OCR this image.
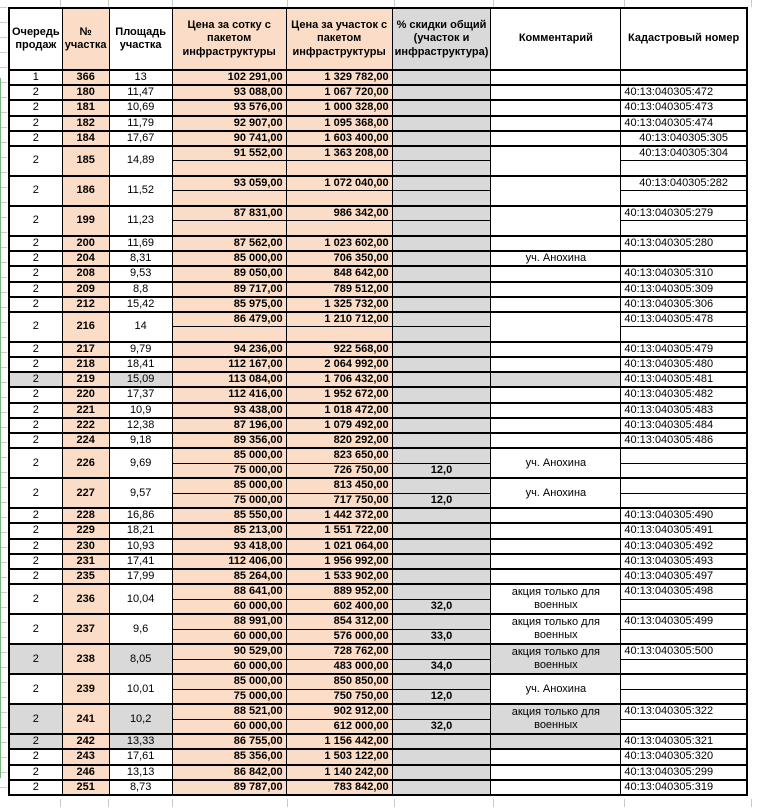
Очередь продаж	№ участка	Площадь участка	Цена за сотку с пакетом инфраструктуры	Цена за участок с пакетом инфраструктуры	% скидки общий (участок и инфраструктура)	Комментарий	Кадастровый номер
1	366	13	102 291,00	1 329 782,00			
2	180	11,47	93 088,00	1 067 720,00			40:13:040305:472
2	181	10,69	93 576,00	1 000 328,00			40:13:040305:473
2	182	11,79	92 907,00	1 095 368,00			40:13:040305:474
2	184	17,67	90 741,00	1 603 400,00			40:13:040305:305
2	185	14,89	91 552,00	1 363 208,00			40:13:040305:304

2	186	11,52	93 059,00	1 072 040,00			40:13:040305:282

2	199	11,23	87 831,00	986 342,00			40:13:040305:279

2	200	11,69	87 562,00	1 023 602,00			40:13:040305:280
2	204	8,31	85 000,00	706 350,00		уч. Анохина	
2	208	9,53	89 050,00	848 642,00			40:13:040305:310
2	209	8,8	89 717,00	789 512,00			40:13:040305:309
2	212	15,42	85 975,00	1 325 732,00			40:13:040305:306
2	216	14	86 479,00	1 210 712,00			40:13:040305:478

2	217	9,79	94 236,00	922 568,00			40:13:040305:479
2	218	18,41	112 167,00	2 064 992,00			40:13:040305:480
2	219	15,09	113 084,00	1 706 432,00			40:13:040305:481
2	220	17,37	112 416,00	1 952 672,00			40:13:040305:482
2	221	10,9	93 438,00	1 018 472,00			40:13:040305:483
2	222	12,38	87 196,00	1 079 492,00			40:13:040305:484
2	224	9,18	89 356,00	820 292,00			40:13:040305:486
2	226	9,69	85 000,00	823 650,00		уч. Анохина	
			75 000,00	726 750,00	12,0		
2	227	9,57	85 000,00	813 450,00		уч. Анохина	
			75 000,00	717 750,00	12,0		
2	228	16,86	85 550,00	1 442 372,00			40:13:040305:490
2	229	18,21	85 213,00	1 551 722,00			40:13:040305:491
2	230	10,93	93 418,00	1 021 064,00			40:13:040305:492
2	231	17,41	112 406,00	1 956 992,00			40:13:040305:493
2	235	17,99	85 264,00	1 533 902,00			40:13:040305:497
2	236	10,04	88 641,00	889 952,00		акция только для военных	40:13:040305:498
			60 000,00	602 400,00	32,0		
2	237	9,6	88 991,00	854 312,00		акция только для военных	40:13:040305:499
			60 000,00	576 000,00	33,0		
2	238	8,05	90 529,00	728 762,00		акция только для военных	40:13:040305:500
			60 000,00	483 000,00	34,0		
2	239	10,01	85 000,00	850 850,00		уч. Анохина	
			75 000,00	750 750,00	12,0		
2	241	10,2	88 521,00	902 912,00		акция только для военных	40:13:040305:322
			60 000,00	612 000,00	32,0		
2	242	13,33	86 755,00	1 156 442,00			40:13:040305:321
2	243	17,61	85 356,00	1 503 122,00			40:13:040305:320
2	246	13,13	86 842,00	1 140 242,00			40:13:040305:299
2	251	8,73	89 787,00	783 842,00			40:13:040305:319
